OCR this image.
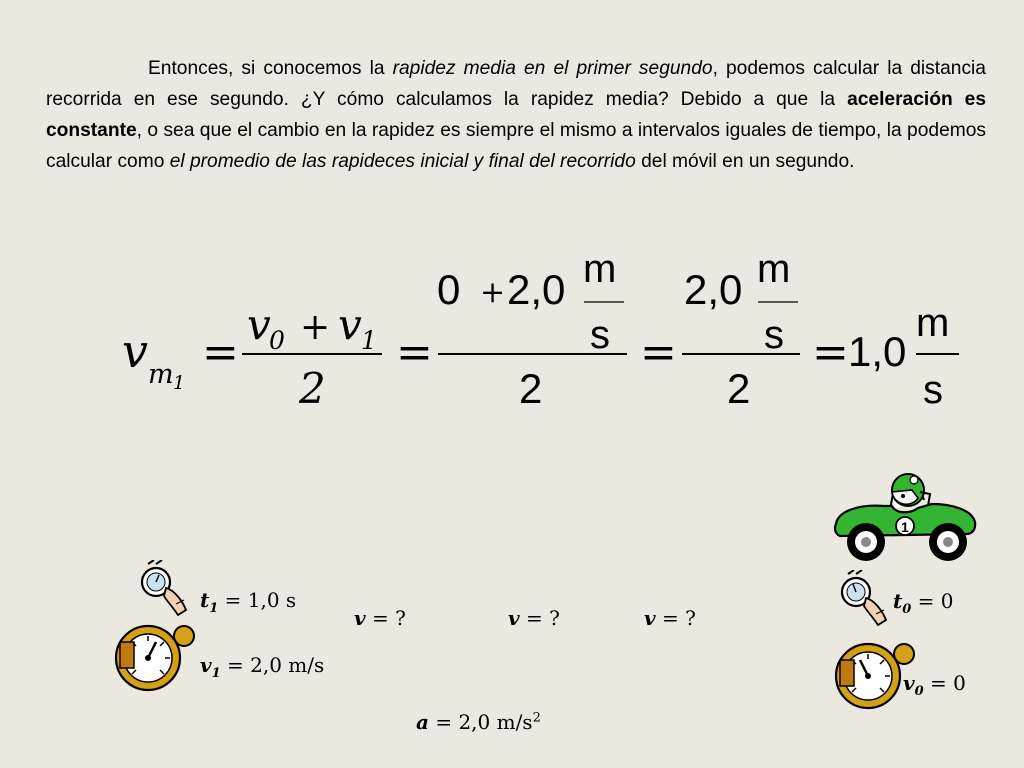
Entonces, si conocemos la rapidez media en el primer segundo, podemos calcular la distancia recorrida en ese segundo. ¿Y cómo calculamos la rapidez media? Debido a que la aceleración es constante, o sea que el cambio en la rapidez es siempre el mismo a intervalos iguales de tiempo, la podemos calcular como el promedio de las rapideces inicial y final del recorrido del móvil en un segundo.
v m 1
v
0 v 1
2
= + =
+
=	=
0 2,0 m
s
2
2,0 m
s
2
1,0
m
s
1
$t_1 = 1,0$ s
$v_1 = 2,0$ m/s
$t_0 = 0$
$v_0 = 0$
v = ?	v = ?	v = ?
a = 2,0 $m/s^2$
